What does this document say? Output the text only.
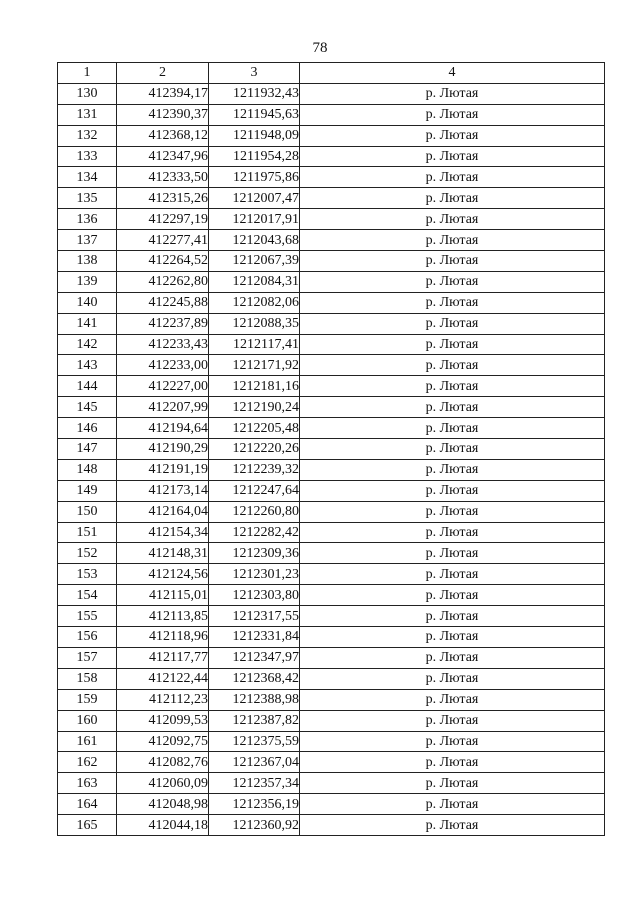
78
1	2	3	4
130	412394,17	1211932,43	р. Лютая
131	412390,37	1211945,63	р. Лютая
132	412368,12	1211948,09	р. Лютая
133	412347,96	1211954,28	р. Лютая
134	412333,50	1211975,86	р. Лютая
135	412315,26	1212007,47	р. Лютая
136	412297,19	1212017,91	р. Лютая
137	412277,41	1212043,68	р. Лютая
138	412264,52	1212067,39	р. Лютая
139	412262,80	1212084,31	р. Лютая
140	412245,88	1212082,06	р. Лютая
141	412237,89	1212088,35	р. Лютая
142	412233,43	1212117,41	р. Лютая
143	412233,00	1212171,92	р. Лютая
144	412227,00	1212181,16	р. Лютая
145	412207,99	1212190,24	р. Лютая
146	412194,64	1212205,48	р. Лютая
147	412190,29	1212220,26	р. Лютая
148	412191,19	1212239,32	р. Лютая
149	412173,14	1212247,64	р. Лютая
150	412164,04	1212260,80	р. Лютая
151	412154,34	1212282,42	р. Лютая
152	412148,31	1212309,36	р. Лютая
153	412124,56	1212301,23	р. Лютая
154	412115,01	1212303,80	р. Лютая
155	412113,85	1212317,55	р. Лютая
156	412118,96	1212331,84	р. Лютая
157	412117,77	1212347,97	р. Лютая
158	412122,44	1212368,42	р. Лютая
159	412112,23	1212388,98	р. Лютая
160	412099,53	1212387,82	р. Лютая
161	412092,75	1212375,59	р. Лютая
162	412082,76	1212367,04	р. Лютая
163	412060,09	1212357,34	р. Лютая
164	412048,98	1212356,19	р. Лютая
165	412044,18	1212360,92	р. Лютая
